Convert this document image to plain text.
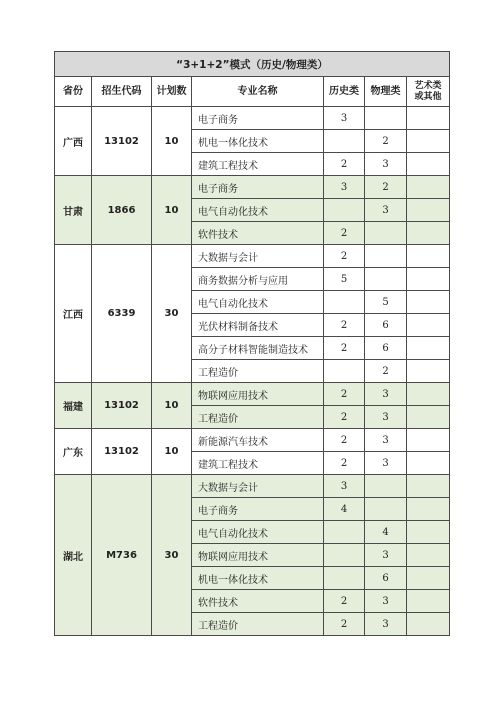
“3+1+2”模式（历史/物理类）						
省份	招生代码	计划数	专业名称	历史类	物理类	艺术类
或其他
广西	13102	10	电子商务	3		
			机电一体化技术		2	
			建筑工程技术	2	3	
甘肃	1866	10	电子商务	3	2	
			电气自动化技术		3	
			软件技术	2		
江西	6339	30	大数据与会计	2		
			商务数据分析与应用	5		
			电气自动化技术		5	
			光伏材料制备技术	2	6	
			高分子材料智能制造技术	2	6	
			工程造价		2	
福建	13102	10	物联网应用技术	2	3	
			工程造价	2	3	
广东	13102	10	新能源汽车技术	2	3	
			建筑工程技术	2	3	
湖北	M736	30	大数据与会计	3		
			电子商务	4		
			电气自动化技术		4	
			物联网应用技术		3	
			机电一体化技术		6	
			软件技术	2	3	
			工程造价	2	3	
